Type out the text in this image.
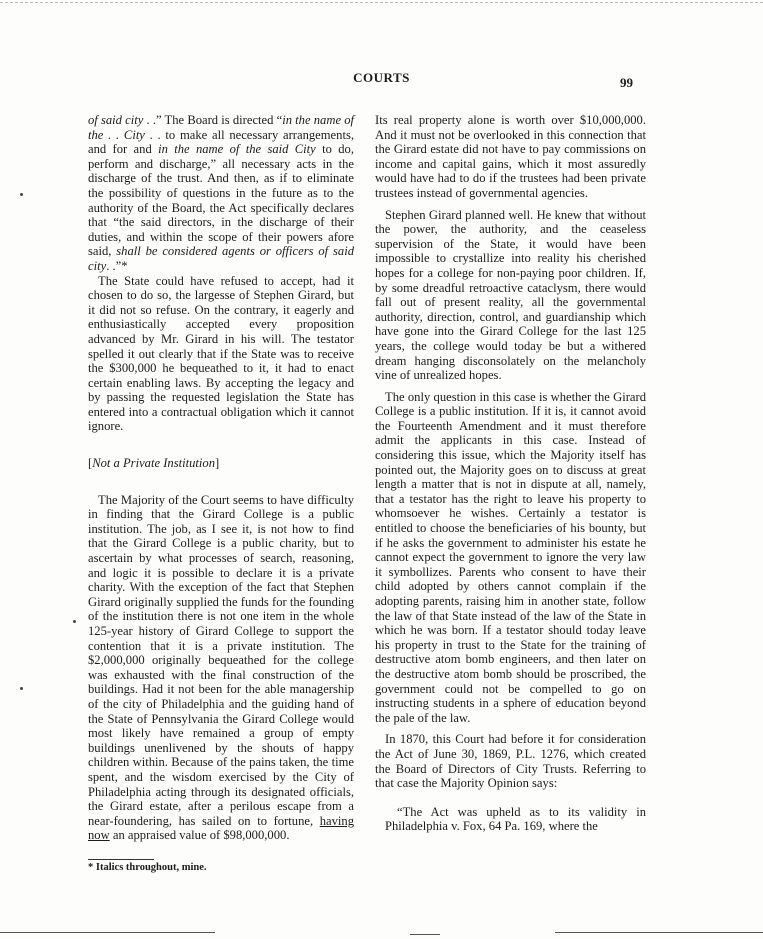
COURTS	99

of said city . .” The Board is directed “in the name of the . . City . . to make all necessary arrangements, and for and in the name of the said City to do, perform and discharge,” all necessary acts in the discharge of the trust. And then, as if to eliminate the possibility of questions in the future as to the authority of the Board, the Act specifically declares that “the said directors, in the discharge of their duties, and within the scope of their powers afore said, shall be considered agents or officers of said city. .”*

The State could have refused to accept, had it chosen to do so, the largesse of Stephen Girard, but it did not so refuse. On the contrary, it eagerly and enthusiastically accepted every proposition advanced by Mr. Girard in his will. The testator spelled it out clearly that if the State was to receive the $300,000 he bequeathed to it, it had to enact certain enabling laws. By accepting the legacy and by passing the requested legislation the State has entered into a contractual obligation which it cannot ignore.

[Not a Private Institution]

The Majority of the Court seems to have difficulty in finding that the Girard College is a public institution. The job, as I see it, is not how to find that the Girard College is a public charity, but to ascertain by what processes of search, reasoning, and logic it is possible to declare it is a private charity. With the exception of the fact that Stephen Girard originally supplied the funds for the founding of the institution there is not one item in the whole 125-year history of Girard College to support the contention that it is a private institution. The $2,000,000 originally bequeathed for the college was exhausted with the final construction of the buildings. Had it not been for the able managership of the city of Philadelphia and the guiding hand of the State of Pennsylvania the Girard College would most likely have remained a group of empty buildings unenlivened by the shouts of happy children within. Because of the pains taken, the time spent, and the wisdom exercised by the City of Philadelphia acting through its designated officials, the Girard estate, after a perilous escape from a near-foundering, has sailed on to fortune, having now an appraised value of $98,000,000.

* Italics throughout, mine.

Its real property alone is worth over $10,000,000. And it must not be overlooked in this connection that the Girard estate did not have to pay commissions on income and capital gains, which it most assuredly would have had to do if the trustees had been private trustees instead of governmental agencies.

Stephen Girard planned well. He knew that without the power, the authority, and the ceaseless supervision of the State, it would have been impossible to crystallize into reality his cherished hopes for a college for non-paying poor children. If, by some dreadful retroactive cataclysm, there would fall out of present reality, all the governmental authority, direction, control, and guardianship which have gone into the Girard College for the last 125 years, the college would today be but a withered dream hanging disconsolately on the melancholy vine of unrealized hopes.

The only question in this case is whether the Girard College is a public institution. If it is, it cannot avoid the Fourteenth Amendment and it must therefore admit the applicants in this case. Instead of considering this issue, which the Majority itself has pointed out, the Majority goes on to discuss at great length a matter that is not in dispute at all, namely, that a testator has the right to leave his property to whomsoever he wishes. Certainly a testator is entitled to choose the beneficiaries of his bounty, but if he asks the government to administer his estate he cannot expect the government to ignore the very law it symbollizes. Parents who consent to have their child adopted by others cannot complain if the adopting parents, raising him in another state, follow the law of that State instead of the law of the State in which he was born. If a testator should today leave his property in trust to the State for the training of destructive atom bomb engineers, and then later on the destructive atom bomb should be proscribed, the government could not be compelled to go on instructing students in a sphere of education beyond the pale of the law.

In 1870, this Court had before it for consideration the Act of June 30, 1869, P.L. 1276, which created the Board of Directors of City Trusts. Referring to that case the Majority Opinion says:

“The Act was upheld as to its validity in Philadelphia v. Fox, 64 Pa. 169, where the
